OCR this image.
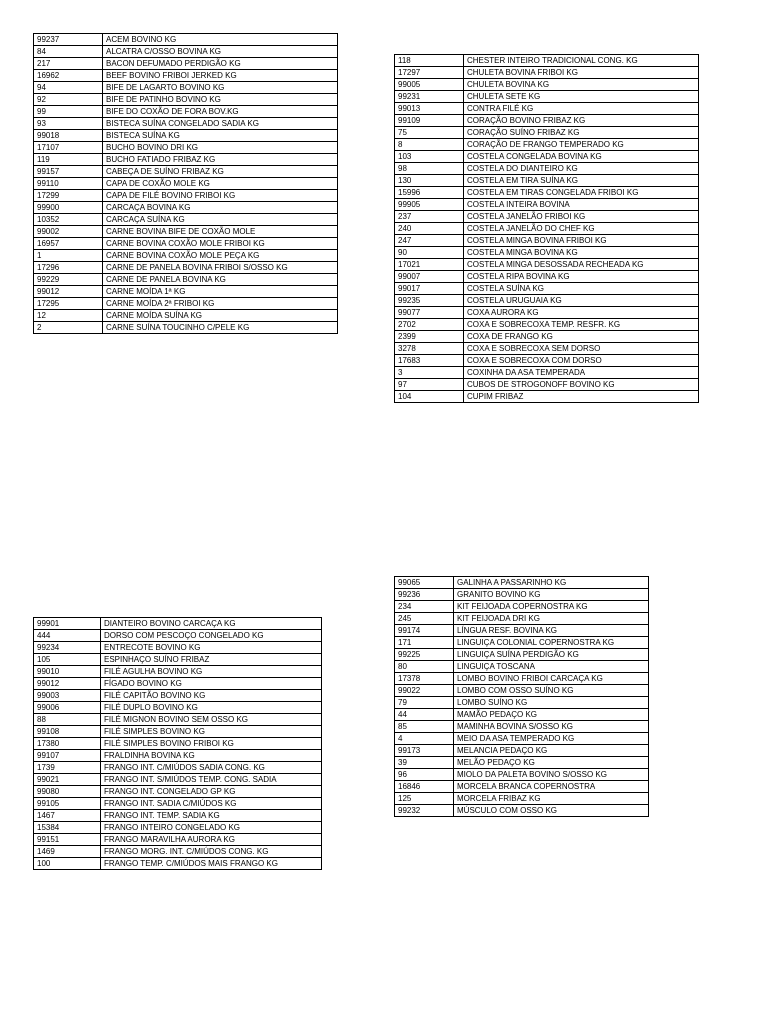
99237	ACEM BOVINO KG
84	ALCATRA C/OSSO BOVINA KG
217	BACON DEFUMADO PERDIGÃO KG
16962	BEEF BOVINO FRIBOI JERKED KG
94	BIFE DE LAGARTO BOVINO KG
92	BIFE DE PATINHO BOVINO KG
99	BIFE DO COXÃO DE FORA BOV.KG
93	BISTECA SUÍNA CONGELADO SADIA KG
99018	BISTECA SUÍNA KG
17107	BUCHO BOVINO DRI KG
119	BUCHO FATIADO FRIBAZ KG
99157	CABEÇA DE SUÍNO FRIBAZ KG
99110	CAPA DE COXÃO MOLE KG
17299	CAPA DE FILÉ BOVINO FRIBOI KG
99900	CARCAÇA BOVINA KG
10352	CARCAÇA SUÍNA KG
99002	CARNE BOVINA BIFE DE COXÃO MOLE
16957	CARNE BOVINA COXÃO MOLE FRIBOI KG
1	CARNE BOVINA COXÃO MOLE PEÇA KG
17296	CARNE DE PANELA BOVINA FRIBOI S/OSSO KG
99229	CARNE DE PANELA BOVINA KG
99012	CARNE MOÍDA 1ª KG
17295	CARNE MOÍDA 2ª FRIBOI KG
12	CARNE MOÍDA SUÍNA KG
2	CARNE SUÍNA TOUCINHO C/PELE KG
118	CHESTER INTEIRO TRADICIONAL CONG. KG
17297	CHULETA BOVINA FRIBOI KG
99005	CHULETA BOVINA KG
99231	CHULETA SETE KG
99013	CONTRA FILÉ KG
99109	CORAÇÃO BOVINO FRIBAZ KG
75	CORAÇÃO SUÍNO FRIBAZ KG
8	CORAÇÃO DE FRANGO TEMPERADO KG
103	COSTELA CONGELADA BOVINA KG
98	COSTELA DO DIANTEIRO KG
130	COSTELA EM TIRA SUÍNA KG
15996	COSTELA EM TIRAS CONGELADA FRIBOI KG
99905	COSTELA INTEIRA BOVINA
237	COSTELA JANELÃO FRIBOI KG
240	COSTELA JANELÃO DO CHEF KG
247	COSTELA MINGA BOVINA FRIBOI KG
90	COSTELA MINGA BOVINA KG
17021	COSTELA MINGA DESOSSADA RECHEADA KG
99007	COSTELA RIPA BOVINA KG
99017	COSTELA SUÍNA KG
99235	COSTELA URUGUAIA KG
99077	COXA AURORA KG
2702	COXA E SOBRECOXA TEMP. RESFR. KG
2399	COXA DE FRANGO KG
3278	COXA E SOBRECOXA SEM DORSO
17683	COXA E SOBRECOXA COM DORSO
3	COXINHA DA ASA TEMPERADA
97	CUBOS DE STROGONOFF BOVINO KG
104	CUPIM FRIBAZ
99901	DIANTEIRO BOVINO CARCAÇA KG
444	DORSO COM PESCOÇO CONGELADO KG
99234	ENTRECOTE BOVINO KG
105	ESPINHAÇO SUÍNO FRIBAZ
99010	FILÉ AGULHA BOVINO KG
99012	FÍGADO BOVINO KG
99003	FILÉ CAPITÃO BOVINO KG
99006	FILÉ DUPLO BOVINO KG
88	FILÉ MIGNON BOVINO SEM OSSO KG
99108	FILÉ SIMPLES BOVINO KG
17380	FILÉ SIMPLES BOVINO FRIBOI KG
99107	FRALDINHA BOVINA KG
1739	FRANGO INT. C/MIÚDOS SADIA CONG. KG
99021	FRANGO INT. S/MIÚDOS TEMP. CONG. SADIA
99080	FRANGO INT. CONGELADO GP KG
99105	FRANGO INT. SADIA C/MIÚDOS KG
1467	FRANGO INT. TEMP. SADIA KG
15384	FRANGO INTEIRO CONGELADO KG
99151	FRANGO MARAVILHA AURORA KG
1469	FRANGO MORG. INT. C/MIÚDOS CONG. KG
100	FRANGO TEMP. C/MIÚDOS MAIS FRANGO KG
99065	GALINHA A PASSARINHO KG
99236	GRANITO BOVINO KG
234	KIT FEIJOADA COPERNOSTRA KG
245	KIT FEIJOADA DRI KG
99174	LÍNGUA RESF. BOVINA KG
171	LINGUIÇA COLONIAL COPERNOSTRA KG
99225	LINGUIÇA SUÍNA PERDIGÃO KG
80	LINGUIÇA TOSCANA
17378	LOMBO BOVINO FRIBOI CARCAÇA KG
99022	LOMBO COM OSSO SUÍNO KG
79	LOMBO SUÍNO KG
44	MAMÃO PEDAÇO KG
85	MAMINHA BOVINA S/OSSO KG
4	MEIO DA ASA TEMPERADO KG
99173	MELANCIA PEDAÇO KG
39	MELÃO PEDAÇO KG
96	MIOLO DA PALETA BOVINO S/OSSO KG
16846	MORCELA BRANCA COPERNOSTRA
125	MORCELA FRIBAZ KG
99232	MÚSCULO COM OSSO KG
